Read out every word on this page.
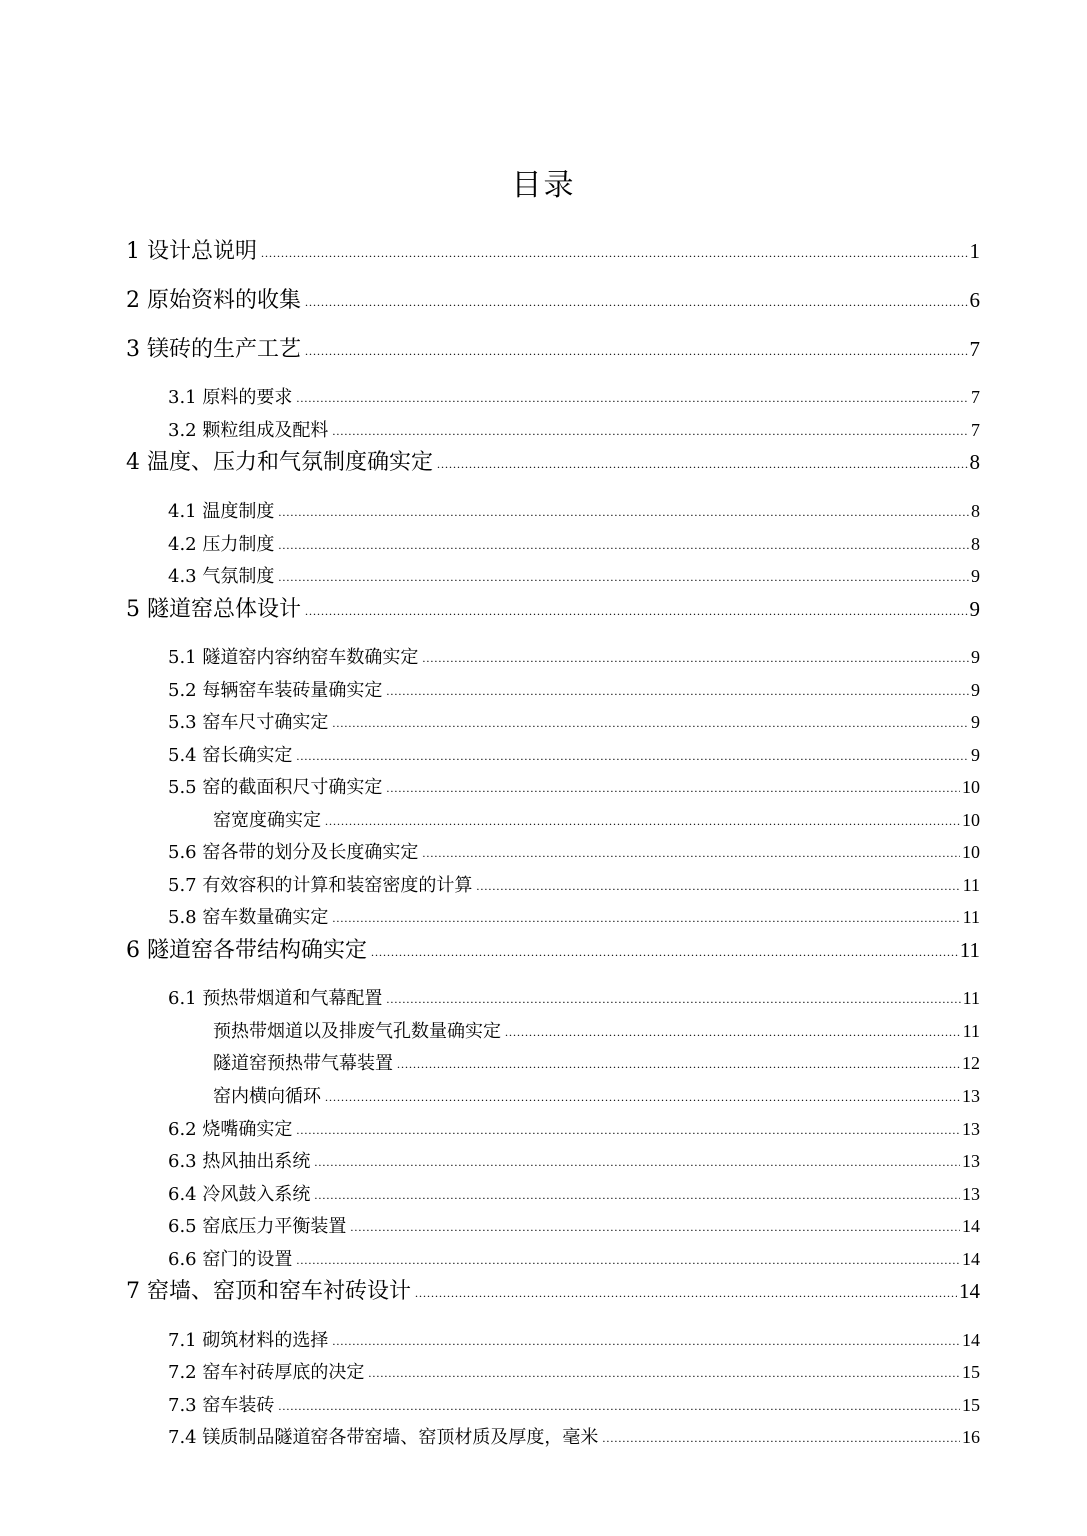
目录
1 设计总说明 .....	1
2 原始资料的收集 .....	6
3 镁砖的生产工艺 .....	7
3.1 原料的要求 .....	7
3.2 颗粒组成及配料 .....	7
4 温度、压力和气氛制度确实定 .....	8
4.1 温度制度 .....	8
4.2 压力制度 .....	8
4.3 气氛制度 .....	9
5 隧道窑总体设计 .....	9
5.1 隧道窑内容纳窑车数确实定 .....	9
5.2 每辆窑车装砖量确实定 .....	9
5.3 窑车尺寸确实定 .....	9
5.4 窑长确实定 .....	9
5.5 窑的截面积尺寸确实定 .....	10
窑宽度确实定 .....	10
5.6 窑各带的划分及长度确实定 .....	10
5.7 有效容积的计算和装窑密度的计算 .....	11
5.8 窑车数量确实定 .....	11
6 隧道窑各带结构确实定 .....	11
6.1 预热带烟道和气幕配置 .....	11
预热带烟道以及排废气孔数量确实定 .....	11
隧道窑预热带气幕装置 .....	12
窑内横向循环 .....	13
6.2 烧嘴确实定 .....	13
6.3 热风抽出系统 .....	13
6.4 冷风鼓入系统 .....	13
6.5 窑底压力平衡装置 .....	14
6.6 窑门的设置 .....	14
7 窑墙、窑顶和窑车衬砖设计 .....	14
7.1 砌筑材料的选择 .....	14
7.2 窑车衬砖厚底的决定 .....	15
7.3 窑车装砖 .....	15
7.4 镁质制品隧道窑各带窑墙、窑顶材质及厚度，毫米 .....	16
